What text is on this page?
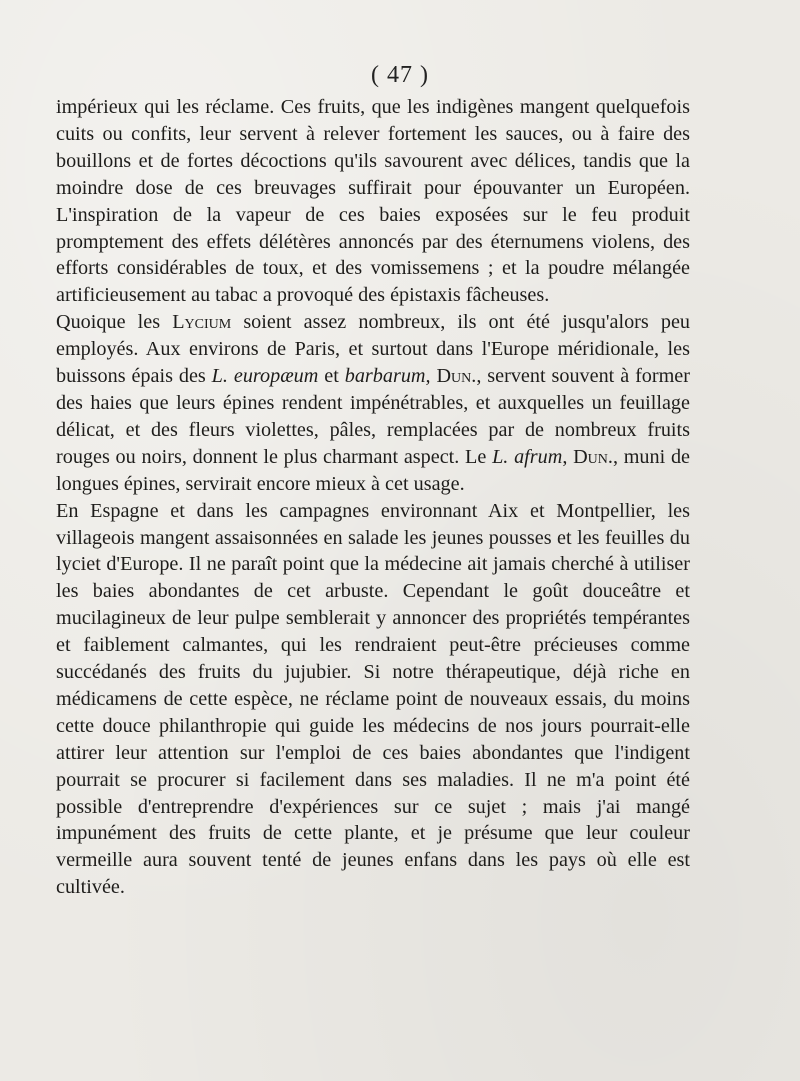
( 47 )

impérieux qui les réclame. Ces fruits, que les indigènes mangent quelquefois cuits ou confits, leur servent à relever fortement les sauces, ou à faire des bouillons et de fortes décoctions qu'ils savourent avec délices, tandis que la moindre dose de ces breuvages suffirait pour épouvanter un Européen. L'inspiration de la vapeur de ces baies exposées sur le feu produit promptement des effets délétères annoncés par des éternumens violens, des efforts considérables de toux, et des vomissemens ; et la poudre mélangée artificieusement au tabac a provoqué des épistaxis fâcheuses.

Quoique les Lycium soient assez nombreux, ils ont été jusqu'alors peu employés. Aux environs de Paris, et surtout dans l'Europe méridionale, les buissons épais des L. europæum et barbarum, Dun., servent souvent à former des haies que leurs épines rendent impénétrables, et auxquelles un feuillage délicat, et des fleurs violettes, pâles, remplacées par de nombreux fruits rouges ou noirs, donnent le plus charmant aspect. Le L. afrum, Dun., muni de longues épines, servirait encore mieux à cet usage.

En Espagne et dans les campagnes environnant Aix et Montpellier, les villageois mangent assaisonnées en salade les jeunes pousses et les feuilles du lyciet d'Europe. Il ne paraît point que la médecine ait jamais cherché à utiliser les baies abondantes de cet arbuste. Cependant le goût douceâtre et mucilagineux de leur pulpe semblerait y annoncer des propriétés tempérantes et faiblement calmantes, qui les rendraient peut-être précieuses comme succédanés des fruits du jujubier. Si notre thérapeutique, déjà riche en médicamens de cette espèce, ne réclame point de nouveaux essais, du moins cette douce philanthropie qui guide les médecins de nos jours pourrait-elle attirer leur attention sur l'emploi de ces baies abondantes que l'indigent pourrait se procurer si facilement dans ses maladies. Il ne m'a point été possible d'entreprendre d'expériences sur ce sujet ; mais j'ai mangé impunément des fruits de cette plante, et je présume que leur couleur vermeille aura souvent tenté de jeunes enfans dans les pays où elle est cultivée.
